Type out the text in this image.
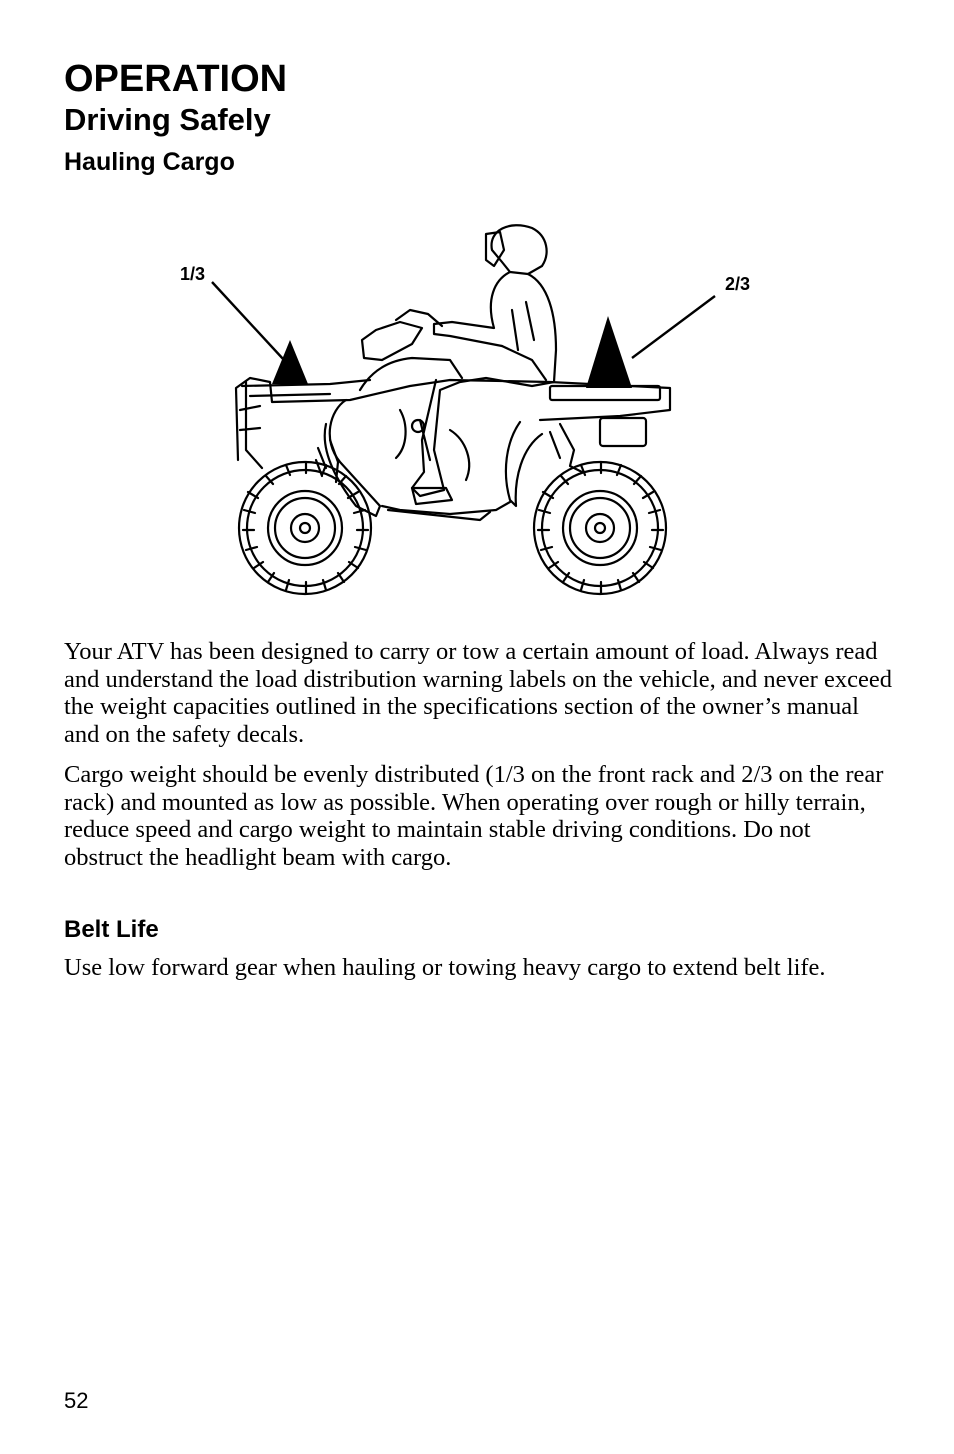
OPERATION
Driving Safely
Hauling Cargo
1/3	2/3

Your ATV has been designed to carry or tow a certain amount of load. Always read and understand the load distribution warning labels on the vehicle, and never exceed the weight capacities outlined in the specifications section of the owner’s manual and on the safety decals.

Cargo weight should be evenly distributed (1/3 on the front rack and 2/3 on the rear rack) and mounted as low as possible. When operating over rough or hilly terrain, reduce speed and cargo weight to maintain stable driving conditions. Do not obstruct the headlight beam with cargo.

Belt Life

Use low forward gear when hauling or towing heavy cargo to extend belt life.

52
